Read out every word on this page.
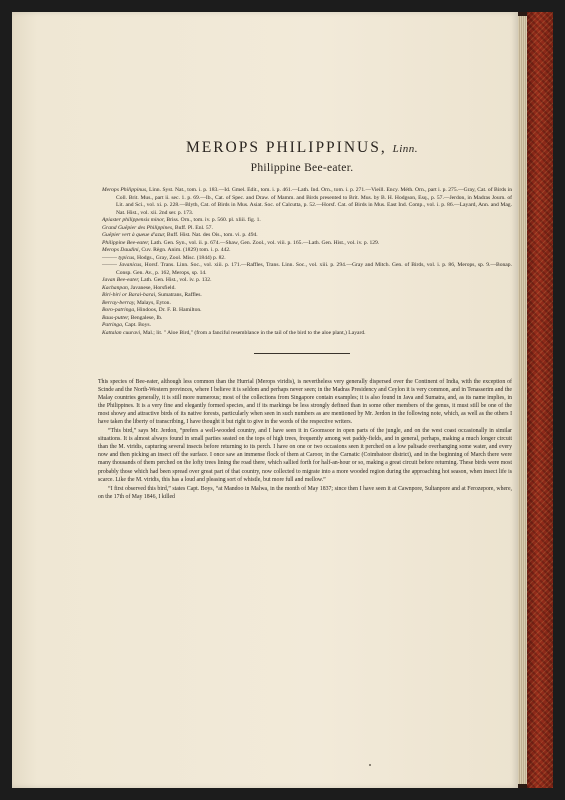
MEROPS PHILIPPINUS, Linn.
Philippine Bee-eater.

Merops Philippinus, Linn. Syst. Nat., tom. i. p. 183.—Id. Gmel. Edit., tom. i. p. 461.—Lath. Ind. Orn., tom. i. p. 271.—Vieill. Ency. Méth. Orn., part i. p. 275.—Gray, Cat. of Birds in Coll. Brit. Mus., part ii. sec. 1. p. 69.—Ib., Cat. of Spec. and Draw. of Mamm. and Birds presented to Brit. Mus. by B. H. Hodgson, Esq., p. 57.—Jerdon, in Madras Journ. of Lit. and Sci., vol. xi. p. 228.—Blyth, Cat. of Birds in Mus. Asiat. Soc. of Calcutta, p. 52.—Horsf. Cat. of Birds in Mus. East Ind. Comp., vol. i. p. 86.—Layard, Ann. and Mag. Nat. Hist., vol. xii. 2nd ser. p. 173.

Apiaster philippensis minor, Briss. Orn., tom. iv. p. 560. pl. xliii. fig. 1.

Grand Guêpier des Philippines, Buff. Pl. Enl. 57.

Guêpier vert à queue d'azur, Buff. Hist. Nat. des Ois., tom. vi. p. 494.

Philippine Bee-eater, Lath. Gen. Syn., vol. ii. p. 674.—Shaw, Gen. Zool., vol. viii. p. 165.—Lath. Gen. Hist., vol. iv. p. 129.

Merops Daudini, Cuv. Règn. Anim. (1829) tom. i. p. 442.

——— typicus, Hodgs., Gray, Zool. Misc. (1844) p. 82.

——— Javanicus, Horsf. Trans. Linn. Soc., vol. xiii. p. 171.—Raffles, Trans. Linn. Soc., vol. xiii. p. 294.—Gray and Mitch. Gen. of Birds, vol. i. p. 86, Merops, sp. 9.—Bonap. Consp. Gen. Av., p. 162, Merops, sp. 14.

Javan Bee-eater, Lath. Gen. Hist., vol. iv. p. 132.

Kachanpan, Javanese, Horsfield.

Biri-biri or Barai-barai, Sumatrans, Raffles.

Berray-berray, Malays, Eyton.

Boro-patringa, Hindoos, Dr. F. B. Hamilton.

Baus-putter, Bengalese, Ib.

Patringa, Capt. Boys.

Kattalan cuuravi, Mal.; lit. " Aloe Bird," (from a fanciful resemblance in the tail of the bird to the aloe plant,) Layard.

This species of Bee-eater, although less common than the Hurrial (Merops viridis), is nevertheless very generally dispersed over the Continent of India, with the exception of Scinde and the North-Western provinces, where I believe it is seldom and perhaps never seen; in the Madras Presidency and Ceylon it is very common, and in Tenasserim and the Malay countries generally, it is still more numerous; most of the collections from Singapore contain examples; it is also found in Java and Sumatra, and, as its name implies, in the Philippines. It is a very fine and elegantly formed species, and if its markings be less strongly defined than in some other members of the genus, it must still be one of the most showy and attractive birds of its native forests, particularly when seen in such numbers as are mentioned by Mr. Jerdon in the following note, which, as well as the others I have taken the liberty of transcribing, I have thought it but right to give in the words of the respective writers.

“This bird,” says Mr. Jerdon, “prefers a well-wooded country, and I have seen it in Goomsoor in open parts of the jungle, and on the west coast occasionally in similar situations. It is almost always found in small parties seated on the tops of high trees, frequently among wet paddy-fields, and in general, perhaps, making a much longer circuit than the M. viridis, capturing several insects before returning to its perch. I have on one or two occasions seen it perched on a low palisade overhanging some water, and every now and then picking an insect off the surface. I once saw an immense flock of them at Caroor, in the Carnatic (Coimbatoor district), and in the beginning of March there were many thousands of them perched on the lofty trees lining the road there, which sallied forth for half-an-hour or so, making a great circuit before returning. These birds were most probably those which had been spread over great part of that country, now collected to migrate into a more wooded region during the approaching hot season, when insect life is scarce. Like the M. viridis, this has a loud and pleasing sort of whistle, but more full and mellow.”

“I first observed this bird,” states Capt. Boys, “at Mandoo in Malwa, in the month of May 1837; since then I have seen it at Cawnpore, Sultanpore and at Ferozepore, where, on the 17th of May 1846, I killed
